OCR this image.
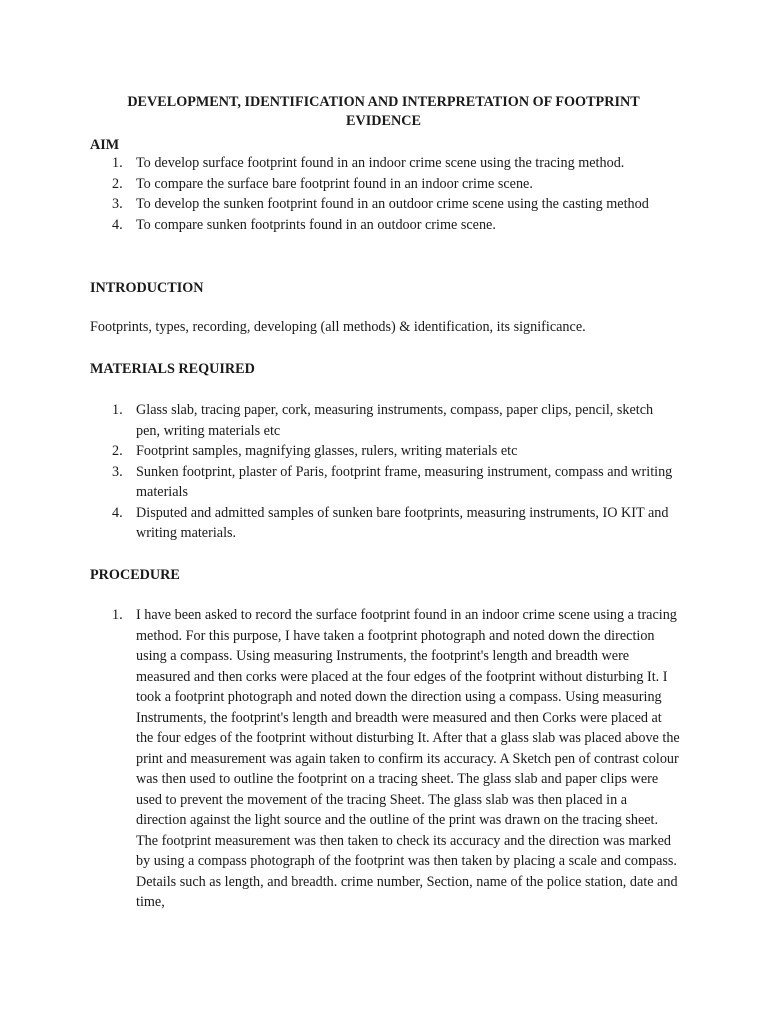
DEVELOPMENT, IDENTIFICATION AND INTERPRETATION OF FOOTPRINT EVIDENCE
AIM
1. To develop surface footprint found in an indoor crime scene using the tracing method.
2. To compare the surface bare footprint found in an indoor crime scene.
3. To develop the sunken footprint found in an outdoor crime scene using the casting method
4. To compare sunken footprints found in an outdoor crime scene.
INTRODUCTION
Footprints, types, recording, developing (all methods) & identification, its significance.
MATERIALS REQUIRED
1. Glass slab, tracing paper, cork, measuring instruments, compass, paper clips, pencil, sketch pen, writing materials etc
2. Footprint samples, magnifying glasses, rulers, writing materials etc
3. Sunken footprint, plaster of Paris, footprint frame, measuring instrument, compass and writing materials
4. Disputed and admitted samples of sunken bare footprints, measuring instruments, IO KIT and writing materials.
PROCEDURE
1. I have been asked to record the surface footprint found in an indoor crime scene using a tracing method. For this purpose, I have taken a footprint photograph and noted down the direction using a compass. Using measuring Instruments, the footprint's length and breadth were measured and then corks were placed at the four edges of the footprint without disturbing It. I took a footprint photograph and noted down the direction using a compass. Using measuring Instruments, the footprint's length and breadth were measured and then Corks were placed at the four edges of the footprint without disturbing It. After that a glass slab was placed above the print and measurement was again taken to confirm its accuracy. A Sketch pen of contrast colour was then used to outline the footprint on a tracing sheet. The glass slab and paper clips were used to prevent the movement of the tracing Sheet. The glass slab was then placed in a direction against the light source and the outline of the print was drawn on the tracing sheet. The footprint measurement was then taken to check its accuracy and the direction was marked by using a compass photograph of the footprint was then taken by placing a scale and compass. Details such as length, and breadth. crime number, Section, name of the police station, date and time,
